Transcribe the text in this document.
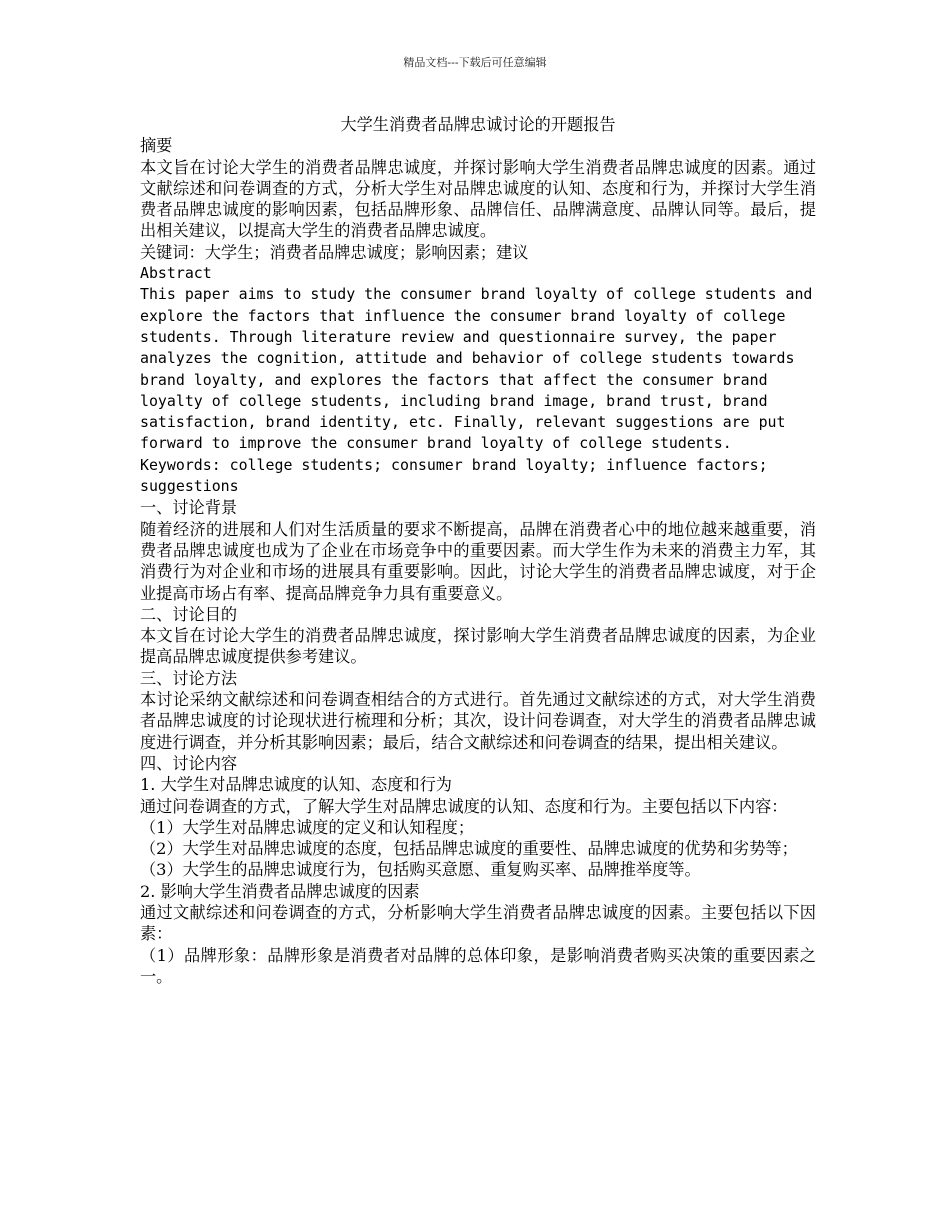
精品文档---下载后可任意编辑
大学生消费者品牌忠诚讨论的开题报告
摘要

本文旨在讨论大学生的消费者品牌忠诚度，并探讨影响大学生消费者品牌忠诚度的因素。通过文献综述和问卷调查的方式，分析大学生对品牌忠诚度的认知、态度和行为，并探讨大学生消费者品牌忠诚度的影响因素，包括品牌形象、品牌信任、品牌满意度、品牌认同等。最后，提出相关建议，以提高大学生的消费者品牌忠诚度。

关键词：大学生；消费者品牌忠诚度；影响因素；建议

Abstract

This paper aims to study the consumer brand loyalty of college students and explore the factors that influence the consumer brand loyalty of college students. Through literature review and questionnaire survey, the paper analyzes the cognition, attitude and behavior of college students towards brand loyalty, and explores the factors that affect the consumer brand loyalty of college students, including brand image, brand trust, brand satisfaction, brand identity, etc. Finally, relevant suggestions are put forward to improve the consumer brand loyalty of college students.

Keywords: college students; consumer brand loyalty; influence factors; suggestions

一、讨论背景

随着经济的进展和人们对生活质量的要求不断提高，品牌在消费者心中的地位越来越重要，消费者品牌忠诚度也成为了企业在市场竞争中的重要因素。而大学生作为未来的消费主力军，其消费行为对企业和市场的进展具有重要影响。因此，讨论大学生的消费者品牌忠诚度，对于企业提高市场占有率、提高品牌竞争力具有重要意义。

二、讨论目的

本文旨在讨论大学生的消费者品牌忠诚度，探讨影响大学生消费者品牌忠诚度的因素，为企业提高品牌忠诚度提供参考建议。

三、讨论方法

本讨论采纳文献综述和问卷调查相结合的方式进行。首先通过文献综述的方式，对大学生消费者品牌忠诚度的讨论现状进行梳理和分析；其次，设计问卷调查，对大学生的消费者品牌忠诚度进行调查，并分析其影响因素；最后，结合文献综述和问卷调查的结果，提出相关建议。

四、讨论内容
1. 大学生对品牌忠诚度的认知、态度和行为

通过问卷调查的方式，了解大学生对品牌忠诚度的认知、态度和行为。主要包括以下内容：

（1）大学生对品牌忠诚度的定义和认知程度；

（2）大学生对品牌忠诚度的态度，包括品牌忠诚度的重要性、品牌忠诚度的优势和劣势等；

（3）大学生的品牌忠诚度行为，包括购买意愿、重复购买率、品牌推举度等。

2. 影响大学生消费者品牌忠诚度的因素

通过文献综述和问卷调查的方式，分析影响大学生消费者品牌忠诚度的因素。主要包括以下因素：

（1）品牌形象：品牌形象是消费者对品牌的总体印象，是影响消费者购买决策的重要因素之一。
